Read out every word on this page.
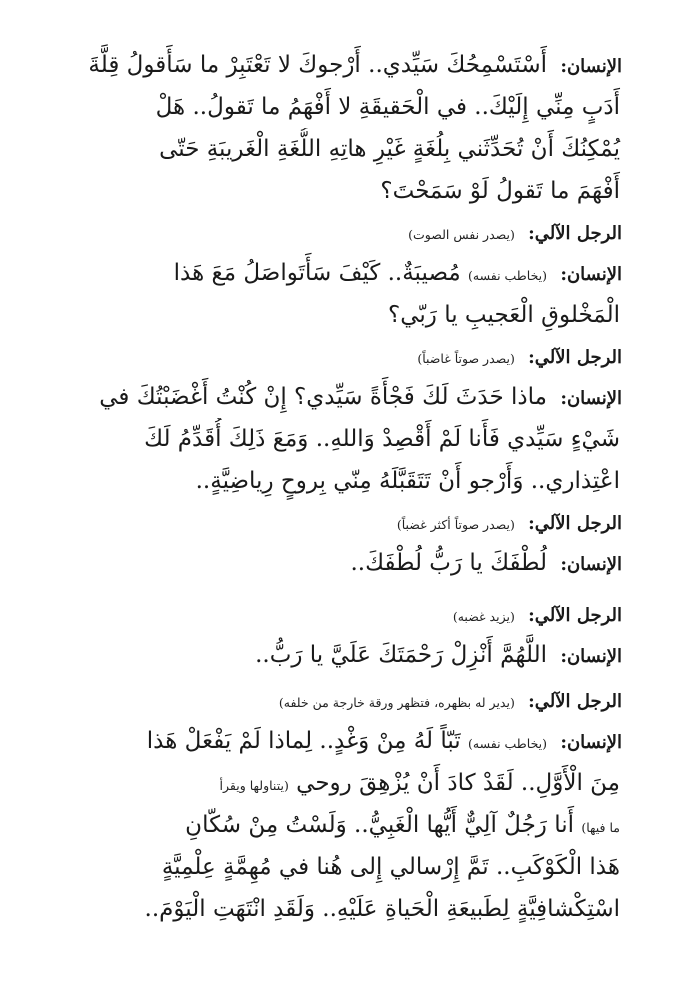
الإنسان: أَسْتَسْمِحُكَ سَيِّدي.. أَرْجوكَ لا تَعْتَبِرْ ما سَأَقولُ قِلَّةَ
أَدَبٍ مِنِّي إِلَيْكَ.. في الْحَقيقَةِ لا أَفْهَمُ ما تَقولُ.. هَلْ
يُمْكِنُكَ أَنْ تُحَدِّثَني بِلُغَةٍ غَيْرِ هاتِهِ اللُّغَةِ الْغَريبَةِ حَتّى
أَفْهَمَ ما تَقولُ لَوْ سَمَحْتَ؟
الرجل الآلي: (يصدر نفس الصوت)
الإنسان: (يخاطب نفسه) مُصيبَةٌ.. كَيْفَ سَأَتَواصَلُ مَعَ هَذا
الْمَخْلوقِ الْعَجيبِ يا رَبّي؟
الرجل الآلي: (يصدر صوتاً غاضباً)
الإنسان: ماذا حَدَثَ لَكَ فَجْأَةً سَيِّدي؟ إِنْ كُنْتُ أَغْضَبْتُكَ في
شَيْءٍ سَيِّدي فَأَنا لَمْ أَقْصِدْ وَاللهِ.. وَمَعَ ذَلِكَ أُقَدِّمُ لَكَ
اعْتِذاري.. وَأَرْجو أَنْ تَتَقَبَّلَهُ مِنّي بِروحٍ رِياضِيَّةٍ..
الرجل الآلي: (يصدر صوتاً أكثر غضباً)
الإنسان: لُطْفَكَ يا رَبُّ لُطْفَكَ..
الرجل الآلي: (يزيد غضبه)
الإنسان: اللَّهُمَّ أَنْزِلْ رَحْمَتَكَ عَلَيَّ يا رَبُّ..
الرجل الآلي: (يدير له بظهره، فتظهر ورقة خارجة من خلفه)
الإنسان: (يخاطب نفسه) تَبّاً لَهُ مِنْ وَغْدٍ.. لِماذا لَمْ يَفْعَلْ هَذا
مِنَ الْأَوَّلِ.. لَقَدْ كادَ أَنْ يُزْهِقَ روحي (يتناولها ويقرأ
ما فيها) أَنا رَجُلٌ آلِيٌّ أَيُّها الْغَبِيُّ.. وَلَسْتُ مِنْ سُكّانِ
هَذا الْكَوْكَبِ.. تَمَّ إِرْسالي إِلى هُنا في مُهِمَّةٍ عِلْمِيَّةٍ
اسْتِكْشافِيَّةٍ لِطَبيعَةِ الْحَياةِ عَلَيْهِ.. وَلَقَدِ انْتَهَتِ الْيَوْمَ..
